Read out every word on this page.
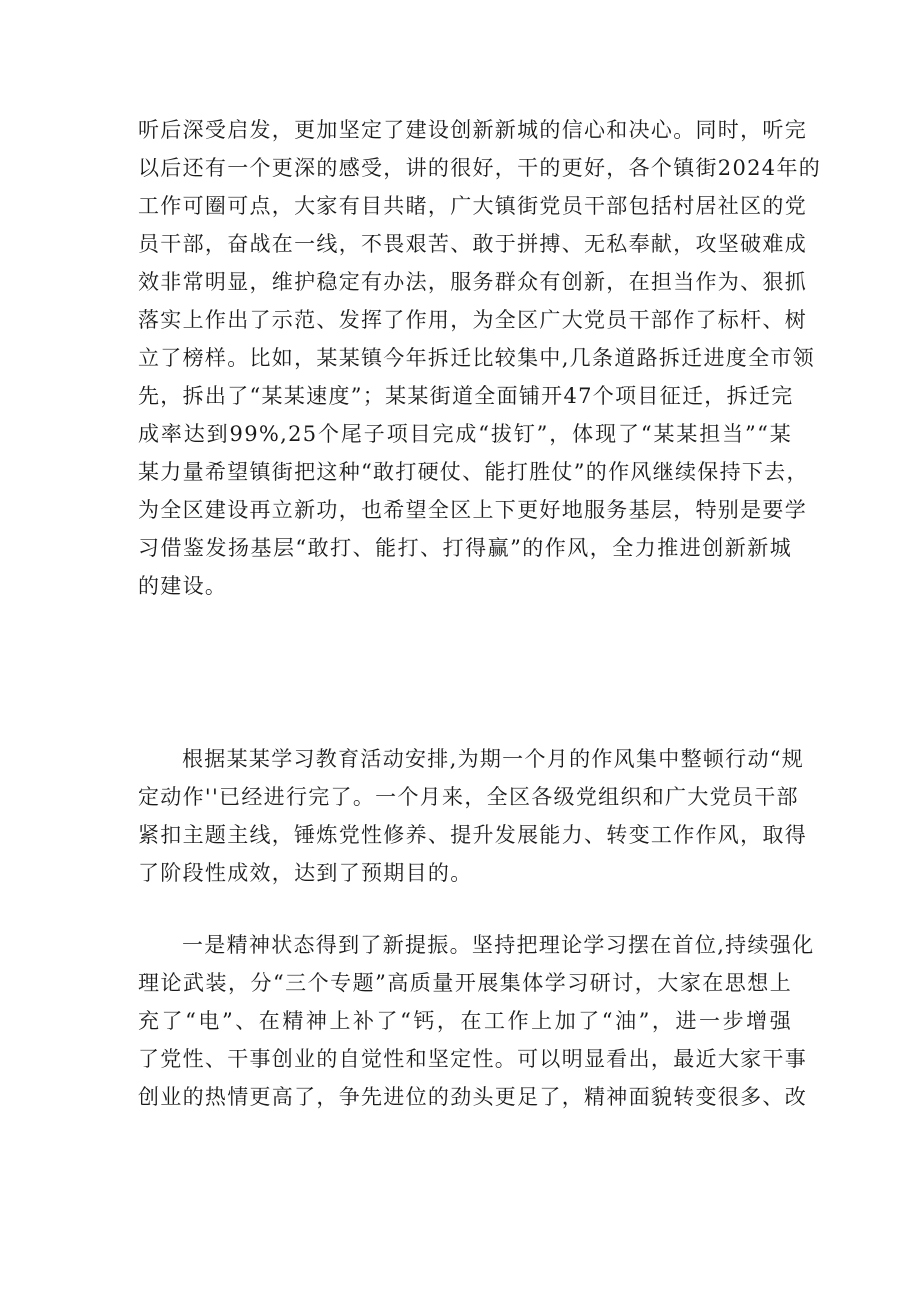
听后深受启发，更加坚定了建设创新新城的信心和决心。同时，听完
以后还有一个更深的感受，讲的很好，干的更好，各个镇街2024年的
工作可圈可点，大家有目共睹，广大镇街党员干部包括村居社区的党
员干部，奋战在一线，不畏艰苦、敢于拼搏、无私奉献，攻坚破难成
效非常明显，维护稳定有办法，服务群众有创新，在担当作为、狠抓
落实上作出了示范、发挥了作用，为全区广大党员干部作了标杆、树
立了榜样。比如，某某镇今年拆迁比较集中,几条道路拆迁进度全市领
先，拆出了“某某速度”；某某街道全面铺开47个项目征迁，拆迁完
成率达到99%,25个尾子项目完成“拔钉”，体现了“某某担当”“某
某力量希望镇街把这种“敢打硬仗、能打胜仗”的作风继续保持下去，
为全区建设再立新功，也希望全区上下更好地服务基层，特别是要学
习借鉴发扬基层“敢打、能打、打得赢”的作风，全力推进创新新城
的建设。
根据某某学习教育活动安排,为期一个月的作风集中整顿行动“规
定动作''已经进行完了。一个月来，全区各级党组织和广大党员干部
紧扣主题主线，锤炼党性修养、提升发展能力、转变工作作风，取得
了阶段性成效，达到了预期目的。
一是精神状态得到了新提振。坚持把理论学习摆在首位,持续强化
理论武装，分“三个专题”高质量开展集体学习研讨，大家在思想上
充了“电”、在精神上补了“钙，在工作上加了“油”，进一步增强
了党性、干事创业的自觉性和坚定性。可以明显看出，最近大家干事
创业的热情更高了，争先进位的劲头更足了，精神面貌转变很多、改
